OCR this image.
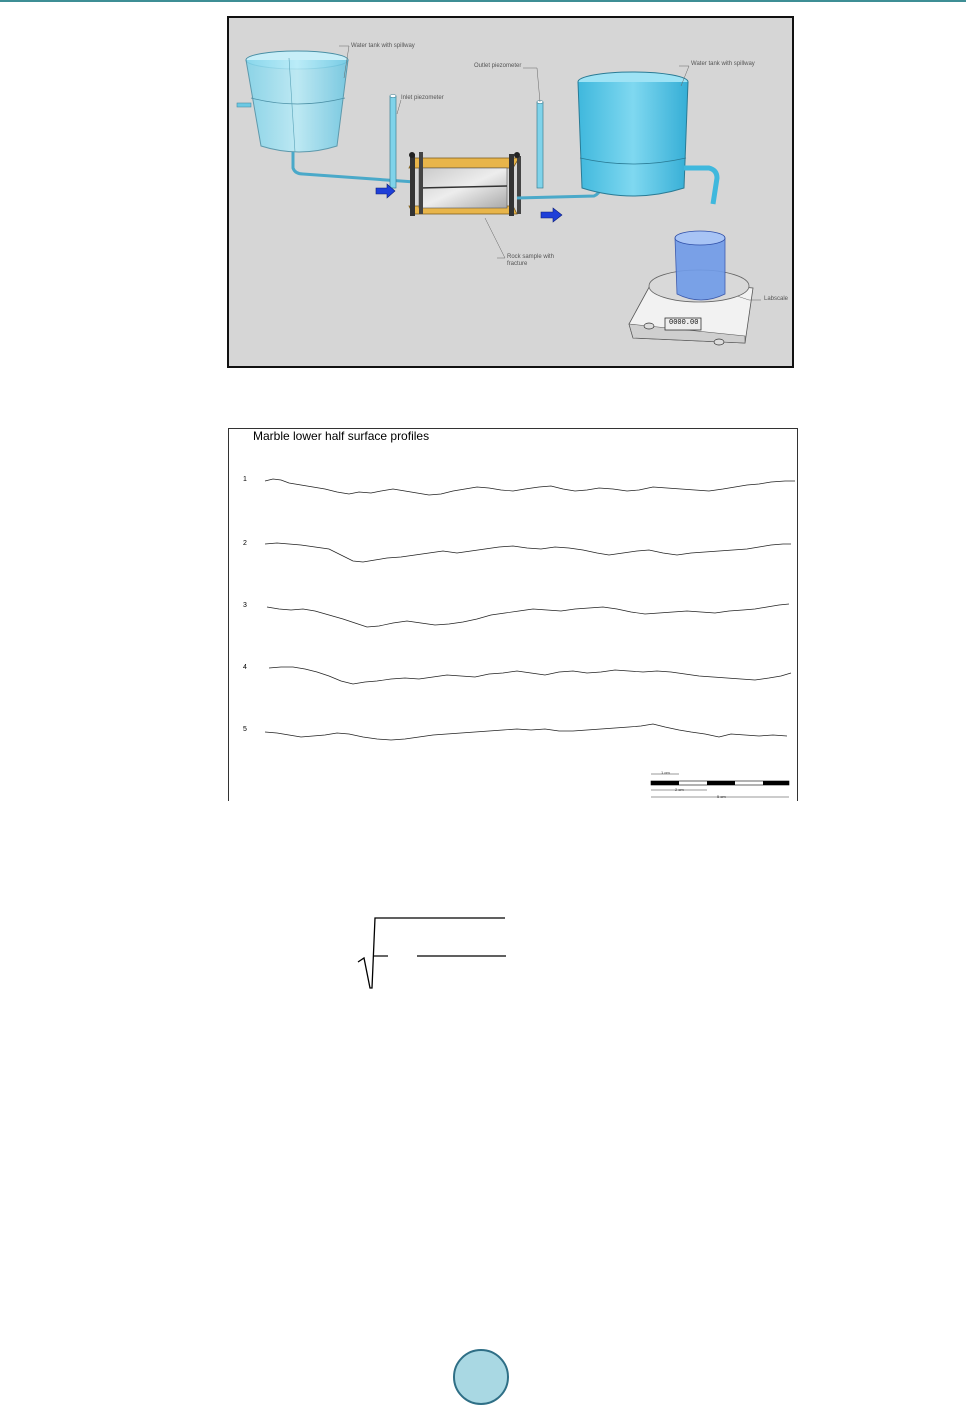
Water tank with spillway
Inlet piezometer
Outlet piezometer	Water tank with spillway
Rock sample with
fracture
Labscale
0000.00
Marble lower half surface profiles
1
2
3
4
5
1 cm
2 cm
5 cm
